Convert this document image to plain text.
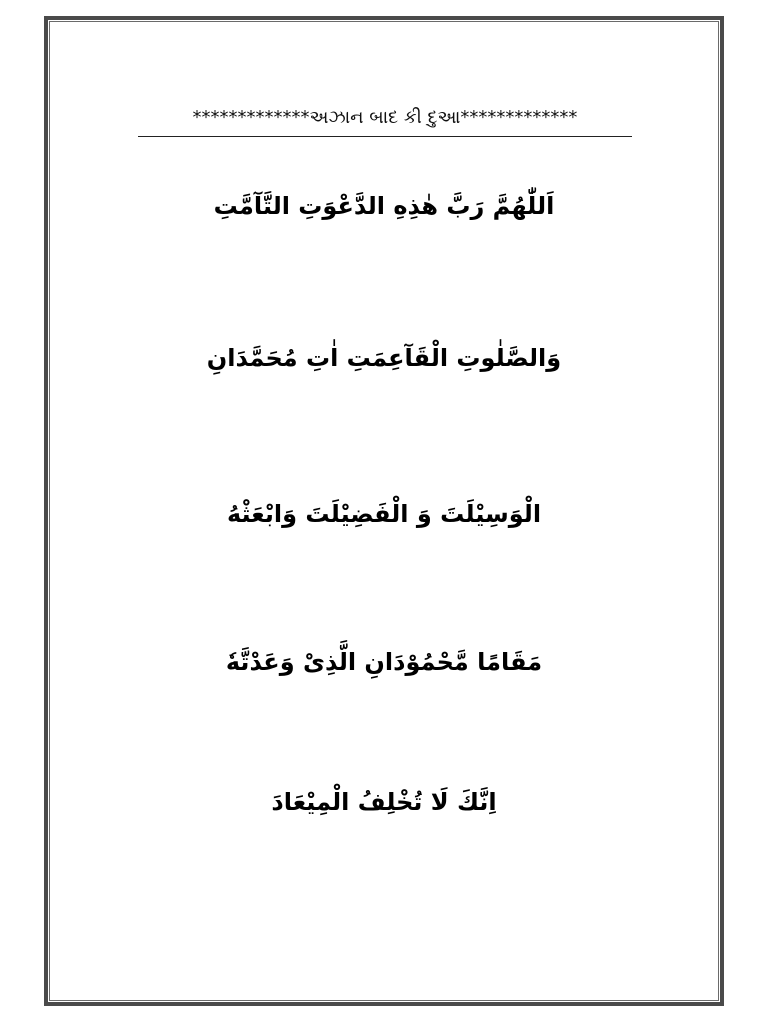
*************અઝાન બાદ કી દુઆ*************
اَللّٰهُمَّ رَبَّ هٰذِهِ الدَّعْوَتِ التَّآمَّتِ
وَالصَّلٰوتِ الْقَآعِمَتِ اٰتِ مُحَمَّدَانِ
الْوَسِيْلَتَ وَ الْفَضِيْلَتَ وَابْعَثْهُ
مَقَامًا مَّحْمُوْدَانِ الَّذِىْ وَعَدْتَّهٗ
اِنَّكَ لَا تُخْلِفُ الْمِيْعَادَ
